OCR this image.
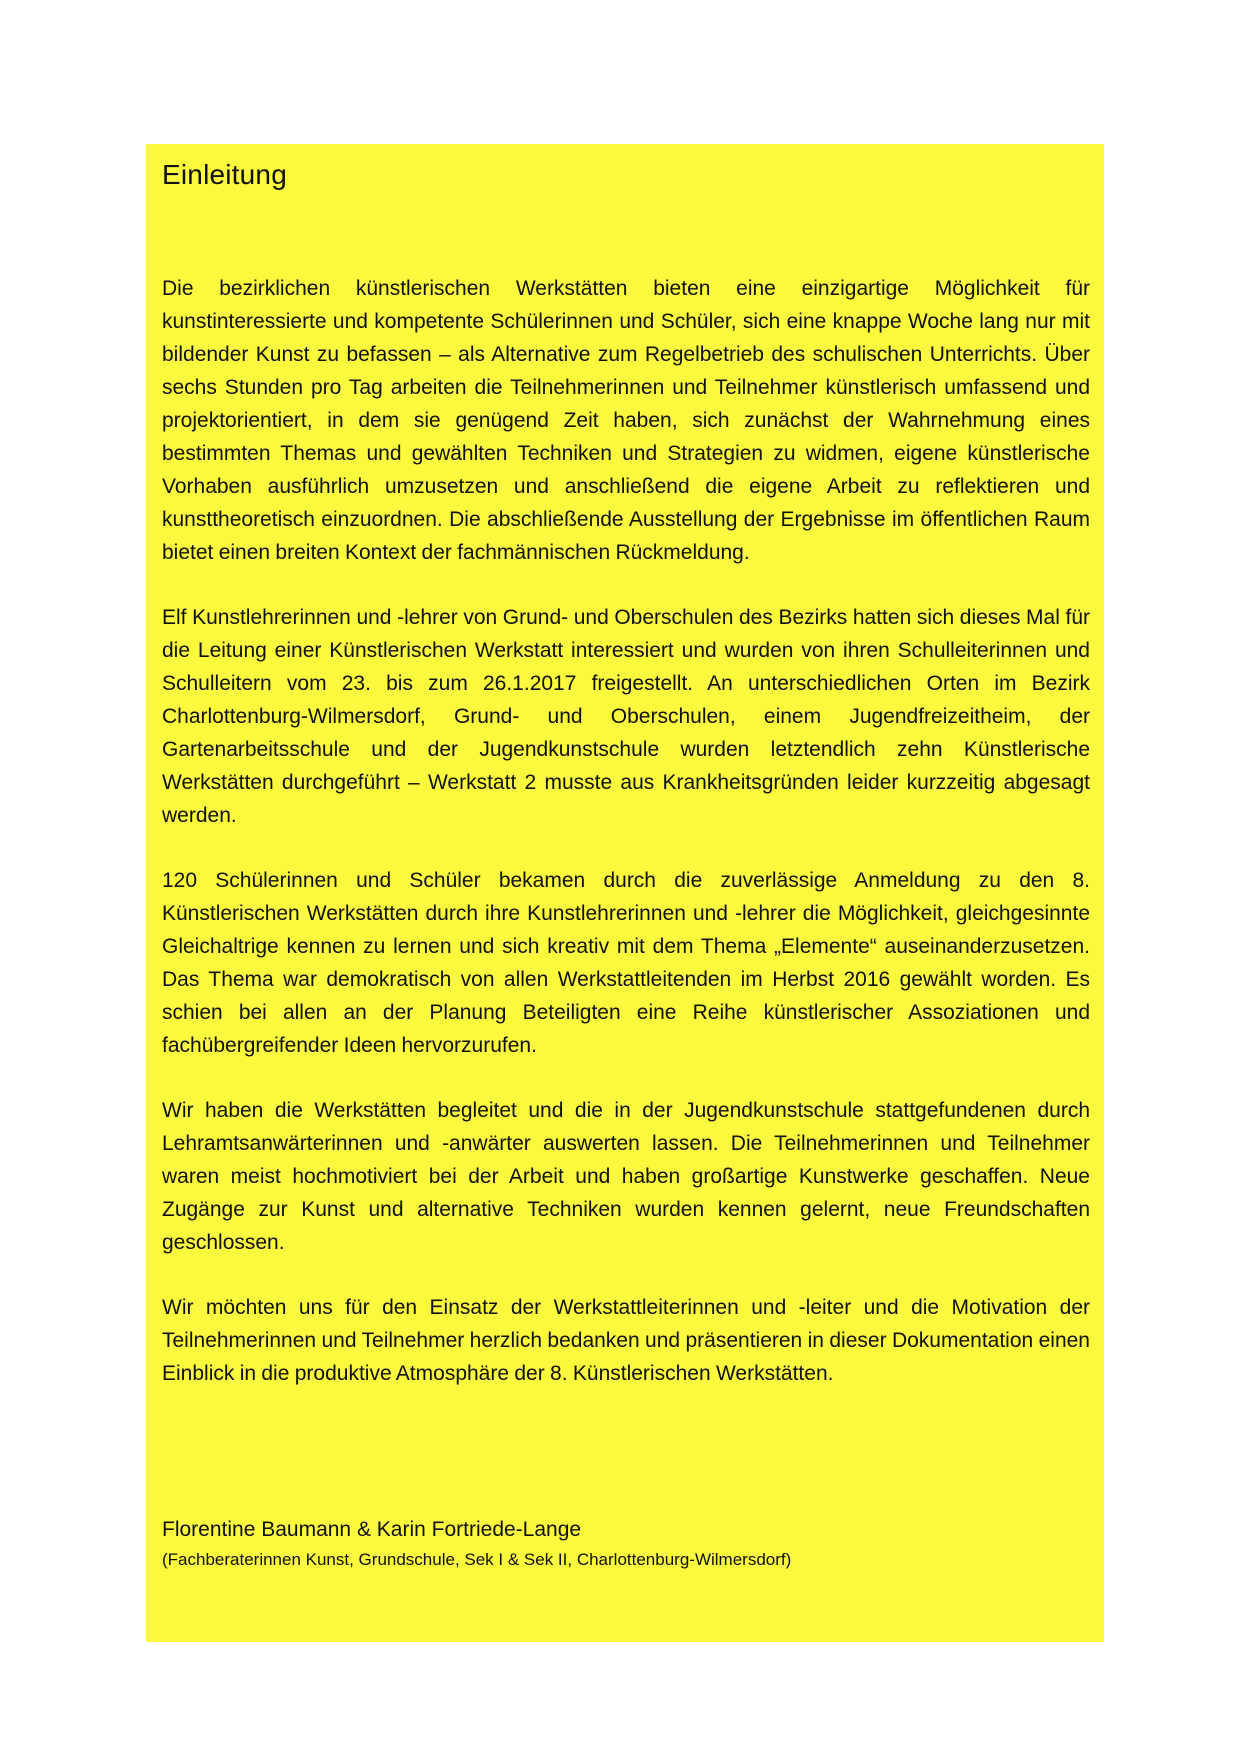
Einleitung

Die bezirklichen künstlerischen Werkstätten bieten eine einzigartige Möglichkeit für kunstinteressierte und kompetente Schülerinnen und Schüler, sich eine knappe Woche lang nur mit bildender Kunst zu befassen – als Alternative zum Regelbetrieb des schulischen Unterrichts. Über sechs Stunden pro Tag arbeiten die Teilnehmerinnen und Teilnehmer künstlerisch umfassend und projektorientiert, in dem sie genügend Zeit haben, sich zunächst der Wahrnehmung eines bestimmten Themas und gewählten Techniken und Strategien zu widmen, eigene künstlerische Vorhaben ausführlich umzusetzen und anschließend die eigene Arbeit zu reflektieren und kunsttheoretisch einzuordnen. Die abschließende Ausstellung der Ergebnisse im öffentlichen Raum bietet einen breiten Kontext der fachmännischen Rückmeldung.

Elf Kunstlehrerinnen und -lehrer von Grund- und Oberschulen des Bezirks hatten sich dieses Mal für die Leitung einer Künstlerischen Werkstatt interessiert und wurden von ihren Schulleiterinnen und Schulleitern vom 23. bis zum 26.1.2017 freigestellt. An unterschiedlichen Orten im Bezirk Charlottenburg-Wilmersdorf, Grund- und Oberschulen, einem Jugendfreizeitheim, der Gartenarbeitsschule und der Jugendkunstschule wurden letztendlich zehn Künstlerische Werkstätten durchgeführt – Werkstatt 2 musste aus Krankheitsgründen leider kurzzeitig abgesagt werden.

120 Schülerinnen und Schüler bekamen durch die zuverlässige Anmeldung zu den 8. Künstlerischen Werkstätten durch ihre Kunstlehrerinnen und -lehrer die Möglichkeit, gleichgesinnte Gleichaltrige kennen zu lernen und sich kreativ mit dem Thema „Elemente“ auseinanderzusetzen. Das Thema war demokratisch von allen Werkstattleitenden im Herbst 2016 gewählt worden. Es schien bei allen an der Planung Beteiligten eine Reihe künstlerischer Assoziationen und fachübergreifender Ideen hervorzurufen.

Wir haben die Werkstätten begleitet und die in der Jugendkunstschule stattgefundenen durch Lehramtsanwärterinnen und -anwärter auswerten lassen. Die Teilnehmerinnen und Teilnehmer waren meist hochmotiviert bei der Arbeit und haben großartige Kunstwerke geschaffen. Neue Zugänge zur Kunst und alternative Techniken wurden kennen gelernt, neue Freundschaften geschlossen.

Wir möchten uns für den Einsatz der Werkstattleiterinnen und -leiter und die Motivation der Teilnehmerinnen und Teilnehmer herzlich bedanken und präsentieren in dieser Dokumentation einen Einblick in die produktive Atmosphäre der 8. Künstlerischen Werkstätten.

Florentine Baumann & Karin Fortriede-Lange
(Fachberaterinnen Kunst, Grundschule, Sek I & Sek II, Charlottenburg-Wilmersdorf)
